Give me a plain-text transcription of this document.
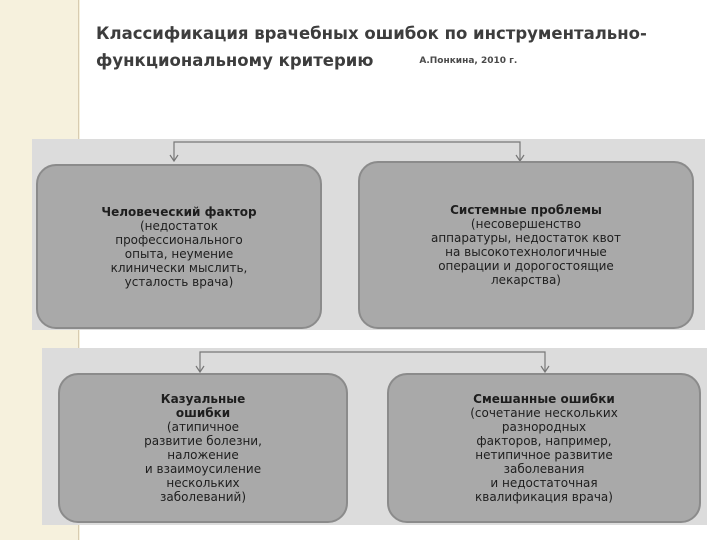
Классификация врачебных ошибок по инструментально-
функциональному критерию	А.Понкина, 2010 г.
Человеческий фактор
(недостаток
профессионального
опыта, неумение
клинически мыслить,
усталость врача)
Системные проблемы
(несовершенство
аппаратуры, недостаток квот
на высокотехнологичные
операции и дорогостоящие
лекарства)
Казуальные
ошибки
(атипичное
развитие болезни,
наложение
и взаимоусиление
нескольких
заболеваний)
Смешанные ошибки
(сочетание нескольких
разнородных
факторов, например,
нетипичное развитие
заболевания
и недостаточная
квалификация врача)
